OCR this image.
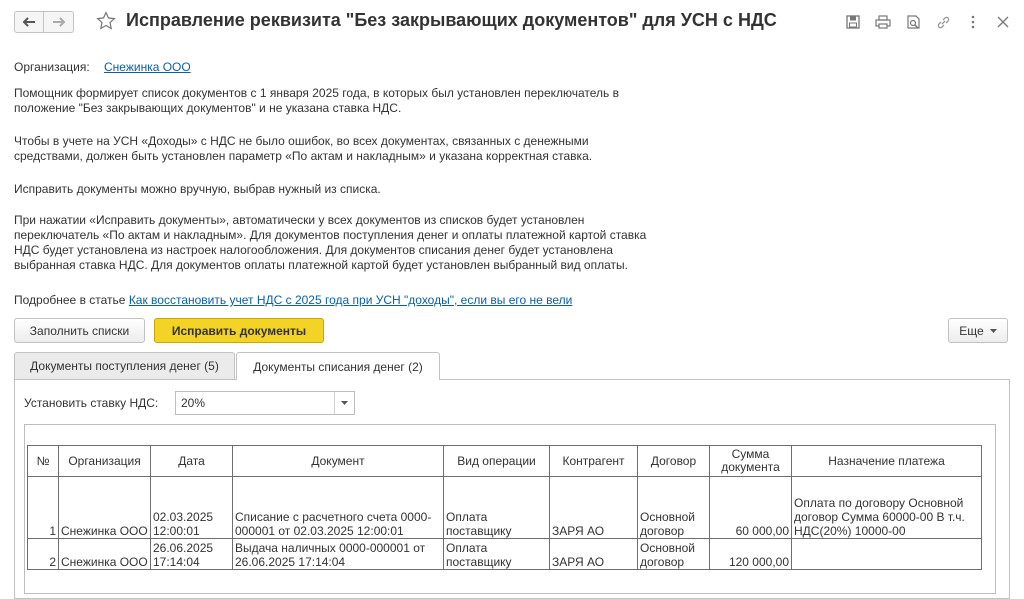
Исправление реквизита "Без закрывающих документов" для УСН с НДС
Организация: Снежинка ООО
Помощник формирует список документов с 1 января 2025 года, в которых был установлен переключатель в
положение "Без закрывающих документов" и не указана ставка НДС.
Чтобы в учете на УСН «Доходы» с НДС не было ошибок, во всех документах, связанных с денежными
средствами, должен быть установлен параметр «По актам и накладным» и указана корректная ставка.
Исправить документы можно вручную, выбрав нужный из списка.
При нажатии «Исправить документы», автоматически у всех документов из списков будет установлен
переключатель «По актам и накладным». Для документов поступления денег и оплаты платежной картой ставка
НДС будет установлена из настроек налогообложения. Для документов списания денег будет установлена
выбранная ставка НДС. Для документов оплаты платежной картой будет установлен выбранный вид оплаты.
Подробнее в статье Как восстановить учет НДС с 2025 года при УСН "доходы", если вы его не вели
Заполнить списки	Исправить документы	Еще
Документы поступления денег (5)	Документы списания денег (2)
Установить ставку НДС:	20%
№	Организация	Дата	Документ	Вид операции	Контрагент	Договор	Сумма документа	Назначение платежа
1	Снежинка ООО	02.03.2025 12:00:01	Списание с расчетного счета 0000-000001 от 02.03.2025 12:00:01	Оплата поставщику	ЗАРЯ АО	Основной договор	60 000,00	Оплата по договору Основной договор Сумма 60000-00 В т.ч. НДС(20%) 10000-00
2	Снежинка ООО	26.06.2025 17:14:04	Выдача наличных 0000-000001 от 26.06.2025 17:14:04	Оплата поставщику	ЗАРЯ АО	Основной договор	120 000,00	
